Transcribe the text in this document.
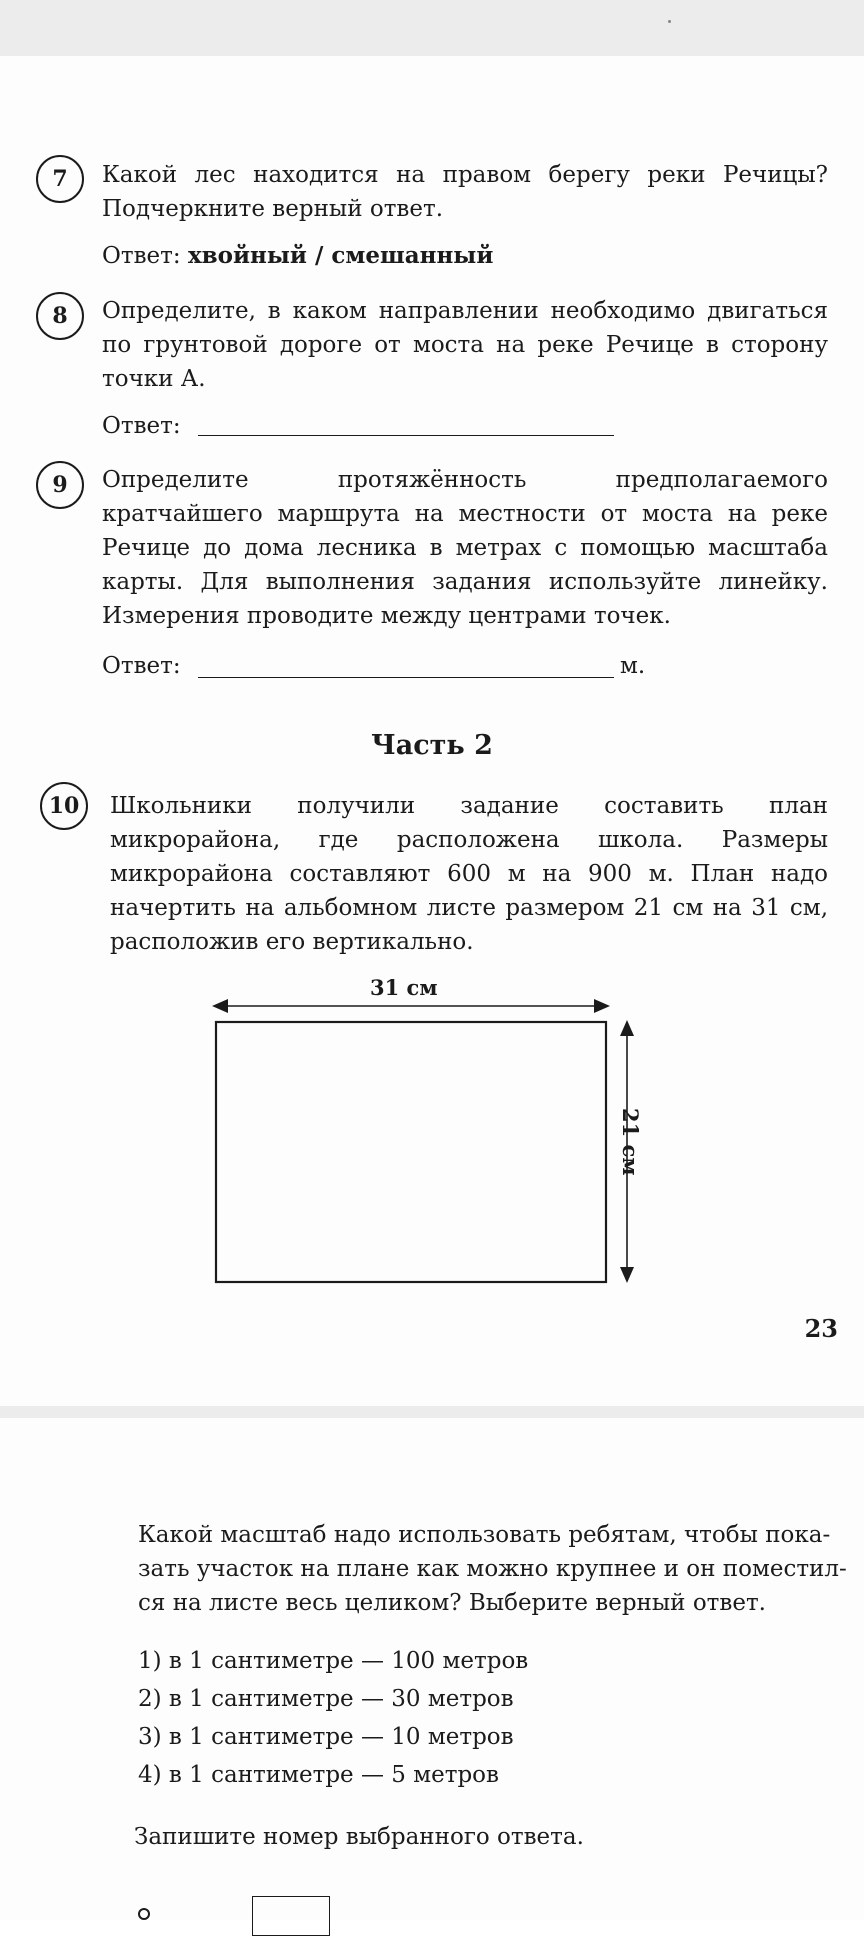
7	Какой лес находится на правом берегу реки Речицы? Подчеркните верный ответ.
Ответ: хвойный / смешанный
8	Определите, в каком направлении необходимо двигаться по грунтовой дороге от моста на реке Речице в сторону точки А.
Ответ:
9	Определите протяжённость предполагаемого кратчайшего маршрута на местности от моста на реке Речице до дома лесника в метрах с помощью масштаба карты. Для выполнения задания используйте линейку. Измерения проводите между центрами точек.
Ответ:	м.
Часть 2
10	Школьники получили задание составить план микрорайона, где расположена школа. Размеры микрорайона составляют 600 м на 900 м. План надо начертить на альбомном листе размером 21 см на 31 см, расположив его вертикально.
31 см
21 см
23
Какой масштаб надо использовать ребятам, чтобы пока-
зать участок на плане как можно крупнее и он поместил-
ся на листе весь целиком? Выберите верный ответ.
1) в 1 сантиметре — 100 метров
2) в 1 сантиметре — 30 метров
3) в 1 сантиметре — 10 метров
4) в 1 сантиметре — 5 метров
Запишите номер выбранного ответа.
